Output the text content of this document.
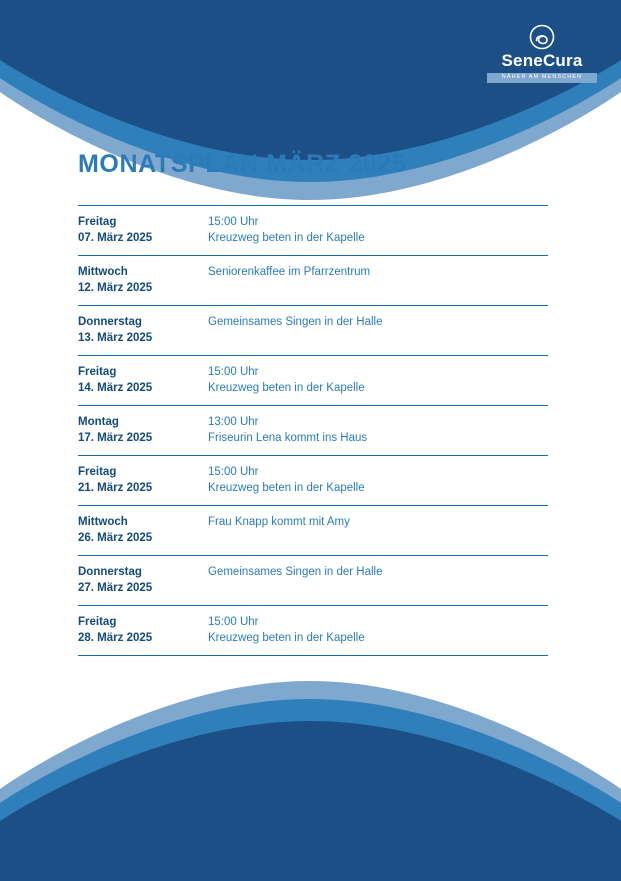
SeneCura
NÄHER AM MENSCHEN
MONATSPLAN MÄRZ 2025
Freitag
07. März 2025	15:00 Uhr
Kreuzweg beten in der Kapelle

Mittwoch
12. März 2025	Seniorenkaffee im Pfarrzentrum

Donnerstag
13. März 2025	Gemeinsames Singen in der Halle

Freitag
14. März 2025	15:00 Uhr
Kreuzweg beten in der Kapelle

Montag
17. März 2025	13:00 Uhr
Friseurin Lena kommt ins Haus

Freitag
21. März 2025	15:00 Uhr
Kreuzweg beten in der Kapelle

Mittwoch
26. März 2025	Frau Knapp kommt mit Amy

Donnerstag
27. März 2025	Gemeinsames Singen in der Halle

Freitag
28. März 2025	15:00 Uhr
Kreuzweg beten in der Kapelle
